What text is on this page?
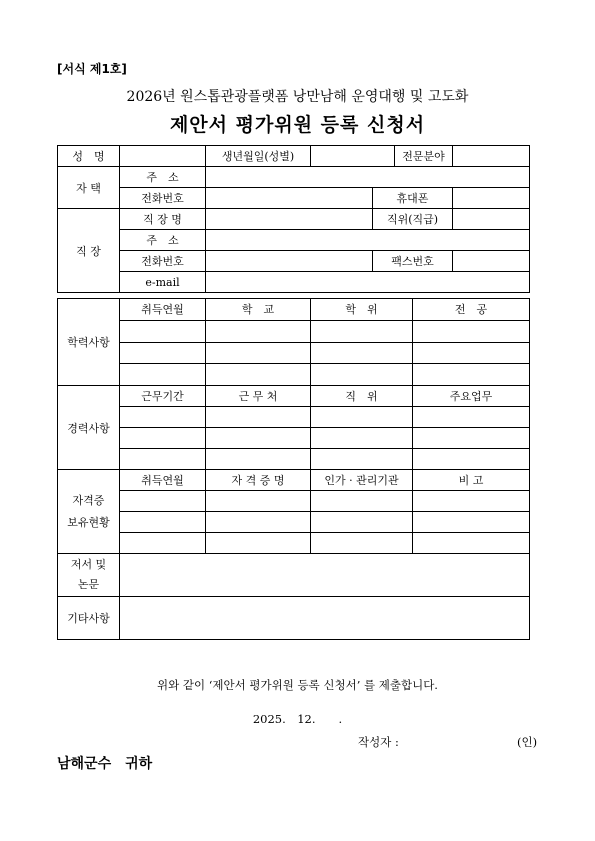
[서식 제1호]
2026년 원스톱관광플랫폼 낭만남해 운영대행 및 고도화
제안서 평가위원 등록 신청서
성　명		생년월일(성별)			전문분야	
자 택	주　소					
	전화번호			휴대폰		
직 장	직 장 명			직위(직급)		
	주　소					
	전화번호			팩스번호		
	e-mail					
학력사항	취득연월	학　교	학　위	전　공

경력사항	근무기간	근 무 처	직　위	주요업무

자격증
보유현황	취득연월	자 격 증 명	인가 · 관리기관	비 고

저서 및
논문				
기타사항				
위와 같이 ‘제안서 평가위원 등록 신청서’ 를 제출합니다.
2025.　12.　　.
작성자 :	(인)
남해군수　귀하
